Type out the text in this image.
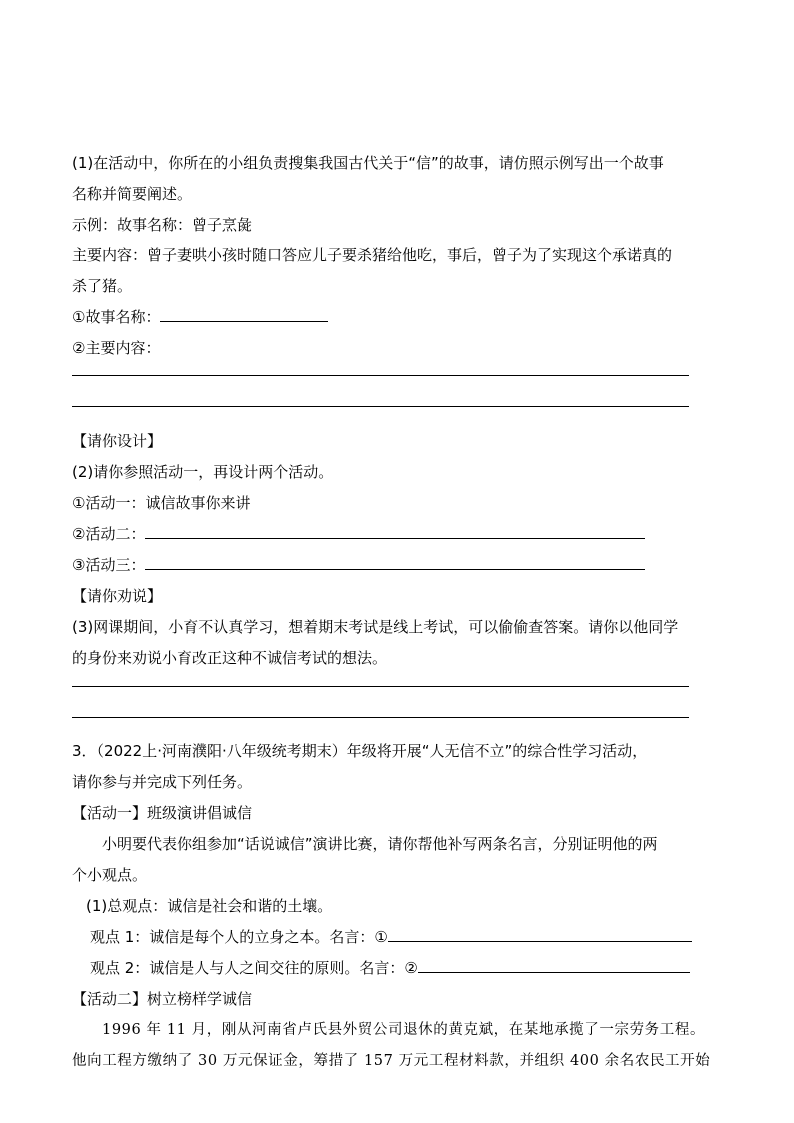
(1)在活动中，你所在的小组负责搜集我国古代关于“信”的故事，请仿照示例写出一个故事
名称并简要阐述。
示例：故事名称：曾子烹彘
主要内容：曾子妻哄小孩时随口答应儿子要杀猪给他吃，事后，曾子为了实现这个承诺真的
杀了猪。
①故事名称：
②主要内容：
【请你设计】
(2)请你参照活动一，再设计两个活动。
①活动一：诚信故事你来讲
②活动二：
③活动三：
【请你劝说】
(3)网课期间，小育不认真学习，想着期末考试是线上考试，可以偷偷查答案。请你以他同学
的身份来劝说小育改正这种不诚信考试的想法。
3．（2022上·河南濮阳·八年级统考期末）年级将开展“人无信不立”的综合性学习活动，
请你参与并完成下列任务。
【活动一】班级演讲倡诚信
小明要代表你组参加“话说诚信”演讲比赛，请你帮他补写两条名言，分别证明他的两
个小观点。
(1)总观点：诚信是社会和谐的土壤。
观点 1：诚信是每个人的立身之本。名言：①
观点 2：诚信是人与人之间交往的原则。名言：②
【活动二】树立榜样学诚信
1996 年 11 月，刚从河南省卢氏县外贸公司退休的黄克斌，在某地承揽了一宗劳务工程。
他向工程方缴纳了 30 万元保证金，筹措了 157 万元工程材料款，并组织 400 余名农民工开始
